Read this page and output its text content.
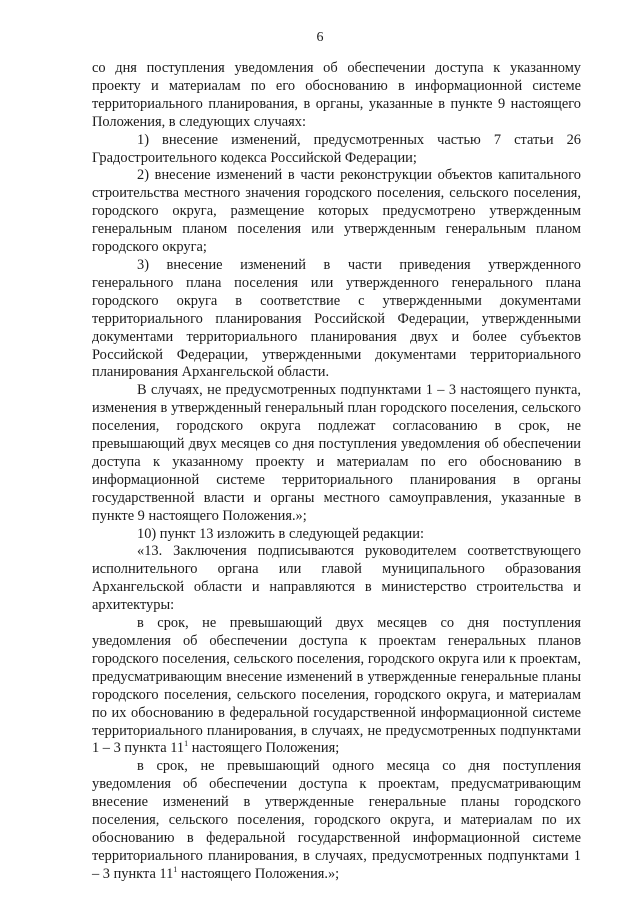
6

со дня поступления уведомления об обеспечении доступа к указанному проекту и материалам по его обоснованию в информационной системе территориального планирования, в органы, указанные в пункте 9 настоящего Положения, в следующих случаях:

1) внесение изменений, предусмотренных частью 7 статьи 26 Градостроительного кодекса Российской Федерации;

2) внесение изменений в части реконструкции объектов капитального строительства местного значения городского поселения, сельского поселения, городского округа, размещение которых предусмотрено утвержденным генеральным планом поселения или утвержденным генеральным планом городского округа;

3) внесение изменений в части приведения утвержденного генерального плана поселения или утвержденного генерального плана городского округа в соответствие с утвержденными документами территориального планирования Российской Федерации, утвержденными документами территориального планирования двух и более субъектов Российской Федерации, утвержденными документами территориального планирования Архангельской области.

В случаях, не предусмотренных подпунктами 1 – 3 настоящего пункта, изменения в утвержденный генеральный план городского поселения, сельского поселения, городского округа подлежат согласованию в срок, не превышающий двух месяцев со дня поступления уведомления об обеспечении доступа к указанному проекту и материалам по его обоснованию в информационной системе территориального планирования в органы государственной власти и органы местного самоуправления, указанные в пункте 9 настоящего Положения.»;

10) пункт 13 изложить в следующей редакции:

«13. Заключения подписываются руководителем соответствующего исполнительного органа или главой муниципального образования Архангельской области и направляются в министерство строительства и архитектуры:

в срок, не превышающий двух месяцев со дня поступления уведомления об обеспечении доступа к проектам генеральных планов городского поселения, сельского поселения, городского округа или к проектам, предусматривающим внесение изменений в утвержденные генеральные планы городского поселения, сельского поселения, городского округа, и материалам по их обоснованию в федеральной государственной информационной системе территориального планирования, в случаях, не предусмотренных подпунктами 1 – 3 пункта $11^1$ настоящего Положения;

в срок, не превышающий одного месяца со дня поступления уведомления об обеспечении доступа к проектам, предусматривающим внесение изменений в утвержденные генеральные планы городского поселения, сельского поселения, городского округа, и материалам по их обоснованию в федеральной государственной информационной системе территориального планирования, в случаях, предусмотренных подпунктами 1 – 3 пункта $11^1$ настоящего Положения.»;
